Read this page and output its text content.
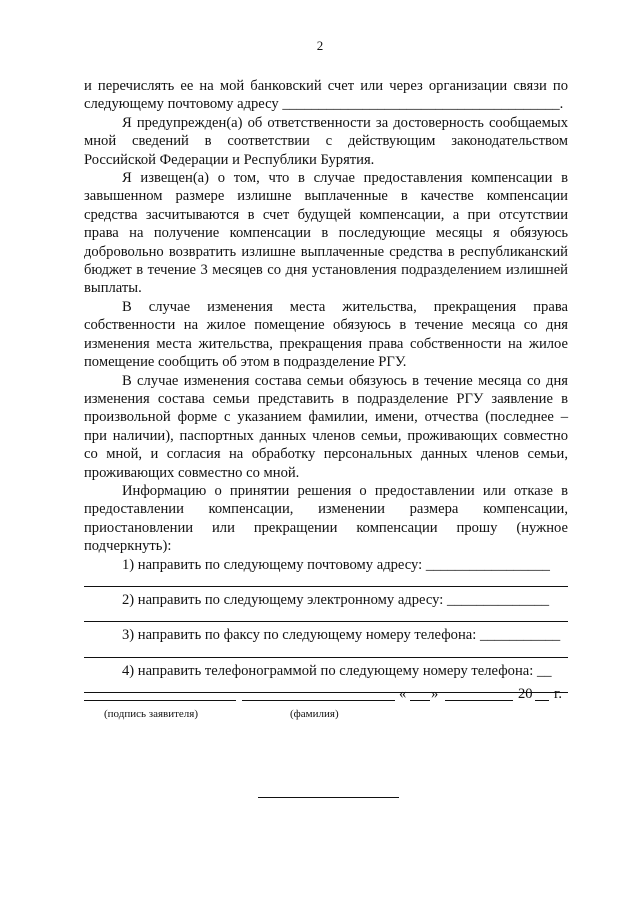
2

и перечислять ее на мой банковский счет или через организации связи по

следующему почтовому адресу ______________________________________.

Я предупрежден(а) об ответственности за достоверность сообщаемых мной сведений в соответствии с действующим законодательством Российской Федерации и Республики Бурятия.

Я извещен(а) о том, что в случае предоставления компенсации в завышенном размере излишне выплаченные в качестве компенсации средства засчитываются в счет будущей компенсации, а при отсутствии права на получение компенсации в последующие месяцы я обязуюсь добровольно возвратить излишне выплаченные средства в республиканский бюджет в течение 3 месяцев со дня установления подразделением излишней выплаты.

В случае изменения места жительства, прекращения права собственности на жилое помещение обязуюсь в течение месяца со дня изменения места жительства, прекращения права собственности на жилое помещение сообщить об этом в подразделение РГУ.

В случае изменения состава семьи обязуюсь в течение месяца со дня изменения состава семьи представить в подразделение РГУ заявление в произвольной форме с указанием фамилии, имени, отчества (последнее – при наличии), паспортных данных членов семьи, проживающих совместно со мной, и согласия на обработку персональных данных членов семьи, проживающих совместно со мной.

Информацию о принятии решения о предоставлении или отказе в предоставлении компенсации, изменении размера компенсации, приостановлении или прекращении компенсации прошу (нужное подчеркнуть):

1) направить по следующему почтовому адресу: _________________

2) направить по следующему электронному адресу: ______________

3) направить по факсу по следующему номеру телефона: ___________

4) направить телефонограммой по следующему номеру телефона: __

« »	20 г.
(подпись заявителя)	(фамилия)
